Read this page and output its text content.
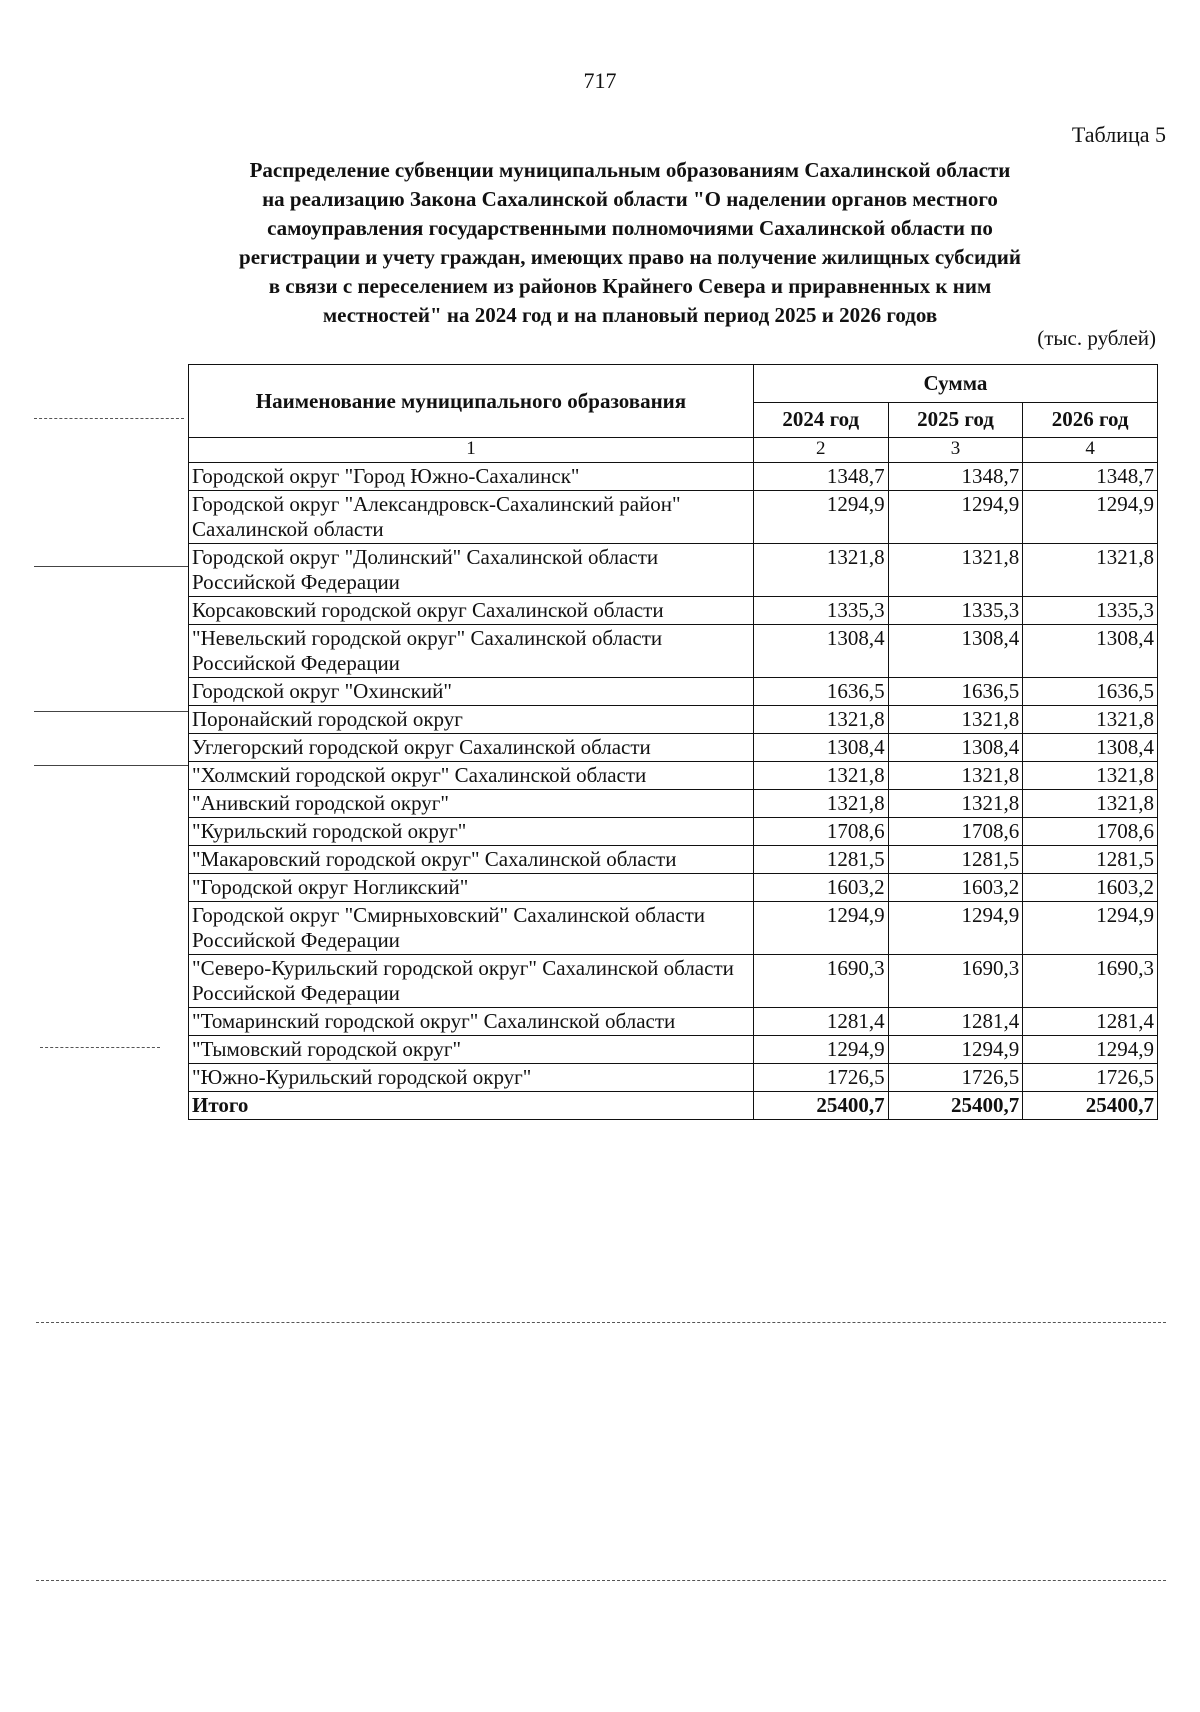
717
Таблица 5
Распределение субвенции муниципальным образованиям Сахалинской области
на реализацию Закона Сахалинской области "О наделении органов местного
самоуправления государственными полномочиями Сахалинской области по
регистрации и учету граждан, имеющих право на получение жилищных субсидий
в связи с переселением из районов Крайнего Севера и приравненных к ним
местностей" на 2024 год и на плановый период 2025 и 2026 годов
(тыс. рублей)
Наименование муниципального образования	Сумма		
	2024 год	2025 год	2026 год
1	2	3	4
Городской округ "Город Южно-Сахалинск"	1348,7	1348,7	1348,7
Городской округ "Александровск-Сахалинский район" Сахалинской области	1294,9	1294,9	1294,9
Городской округ "Долинский" Сахалинской области Российской Федерации	1321,8	1321,8	1321,8
Корсаковский городской округ Сахалинской области	1335,3	1335,3	1335,3
"Невельский городской округ" Сахалинской области Российской Федерации	1308,4	1308,4	1308,4
Городской округ "Охинский"	1636,5	1636,5	1636,5
Поронайский городской округ	1321,8	1321,8	1321,8
Углегорский городской округ Сахалинской области	1308,4	1308,4	1308,4
"Холмский городской округ" Сахалинской области	1321,8	1321,8	1321,8
"Анивский городской округ"	1321,8	1321,8	1321,8
"Курильский городской округ"	1708,6	1708,6	1708,6
"Макаровский городской округ" Сахалинской области	1281,5	1281,5	1281,5
"Городской округ Ногликский"	1603,2	1603,2	1603,2
Городской округ "Смирныховский" Сахалинской области Российской Федерации	1294,9	1294,9	1294,9
"Северо-Курильский городской округ" Сахалинской области Российской Федерации	1690,3	1690,3	1690,3
"Томаринский городской округ" Сахалинской области	1281,4	1281,4	1281,4
"Тымовский городской округ"	1294,9	1294,9	1294,9
"Южно-Курильский городской округ"	1726,5	1726,5	1726,5
Итого	25400,7	25400,7	25400,7
